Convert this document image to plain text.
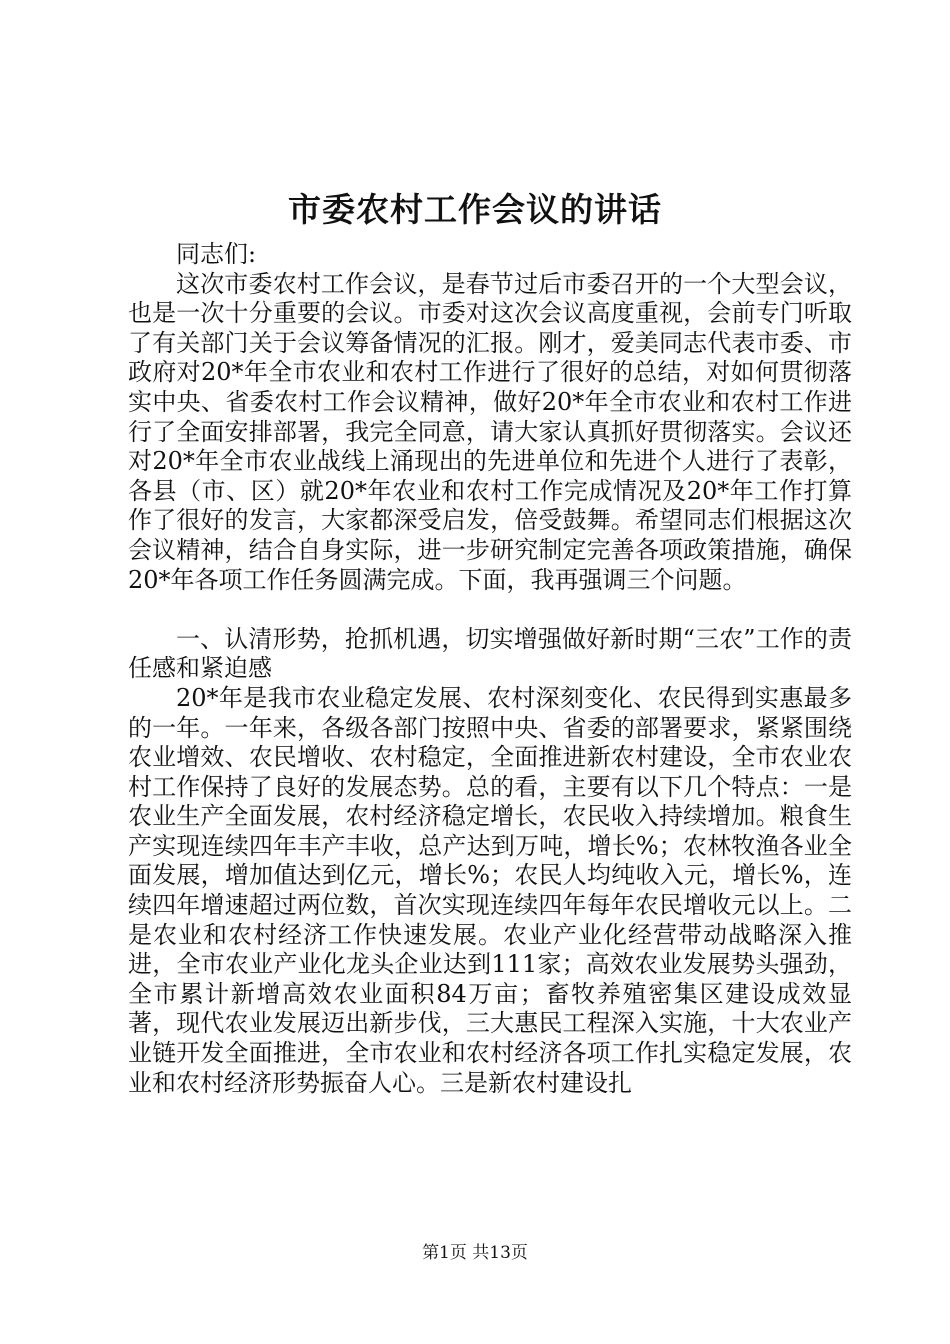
市委农村工作会议的讲话

同志们:

这次市委农村工作会议，是春节过后市委召开的一个大型会议，也是一次十分重要的会议。市委对这次会议高度重视，会前专门听取了有关部门关于会议筹备情况的汇报。刚才，爱美同志代表市委、市政府对20*年全市农业和农村工作进行了很好的总结，对如何贯彻落实中央、省委农村工作会议精神，做好20*年全市农业和农村工作进行了全面安排部署，我完全同意，请大家认真抓好贯彻落实。会议还对20*年全市农业战线上涌现出的先进单位和先进个人进行了表彰，各县（市、区）就20*年农业和农村工作完成情况及20*年工作打算作了很好的发言，大家都深受启发，倍受鼓舞。希望同志们根据这次会议精神，结合自身实际，进一步研究制定完善各项政策措施，确保20*年各项工作任务圆满完成。下面，我再强调三个问题。

一、认清形势，抢抓机遇，切实增强做好新时期“三农”工作的责任感和紧迫感

20*年是我市农业稳定发展、农村深刻变化、农民得到实惠最多的一年。一年来，各级各部门按照中央、省委的部署要求，紧紧围绕农业增效、农民增收、农村稳定，全面推进新农村建设，全市农业农村工作保持了良好的发展态势。总的看，主要有以下几个特点：一是农业生产全面发展，农村经济稳定增长，农民收入持续增加。粮食生产实现连续四年丰产丰收，总产达到万吨，增长%；农林牧渔各业全面发展，增加值达到亿元，增长%；农民人均纯收入元，增长%，连续四年增速超过两位数，首次实现连续四年每年农民增收元以上。二是农业和农村经济工作快速发展。农业产业化经营带动战略深入推进，全市农业产业化龙头企业达到111家；高效农业发展势头强劲，全市累计新增高效农业面积84万亩；畜牧养殖密集区建设成效显著，现代农业发展迈出新步伐，三大惠民工程深入实施，十大农业产业链开发全面推进，全市农业和农村经济各项工作扎实稳定发展，农业和农村经济形势振奋人心。三是新农村建设扎

第1页 共13页
